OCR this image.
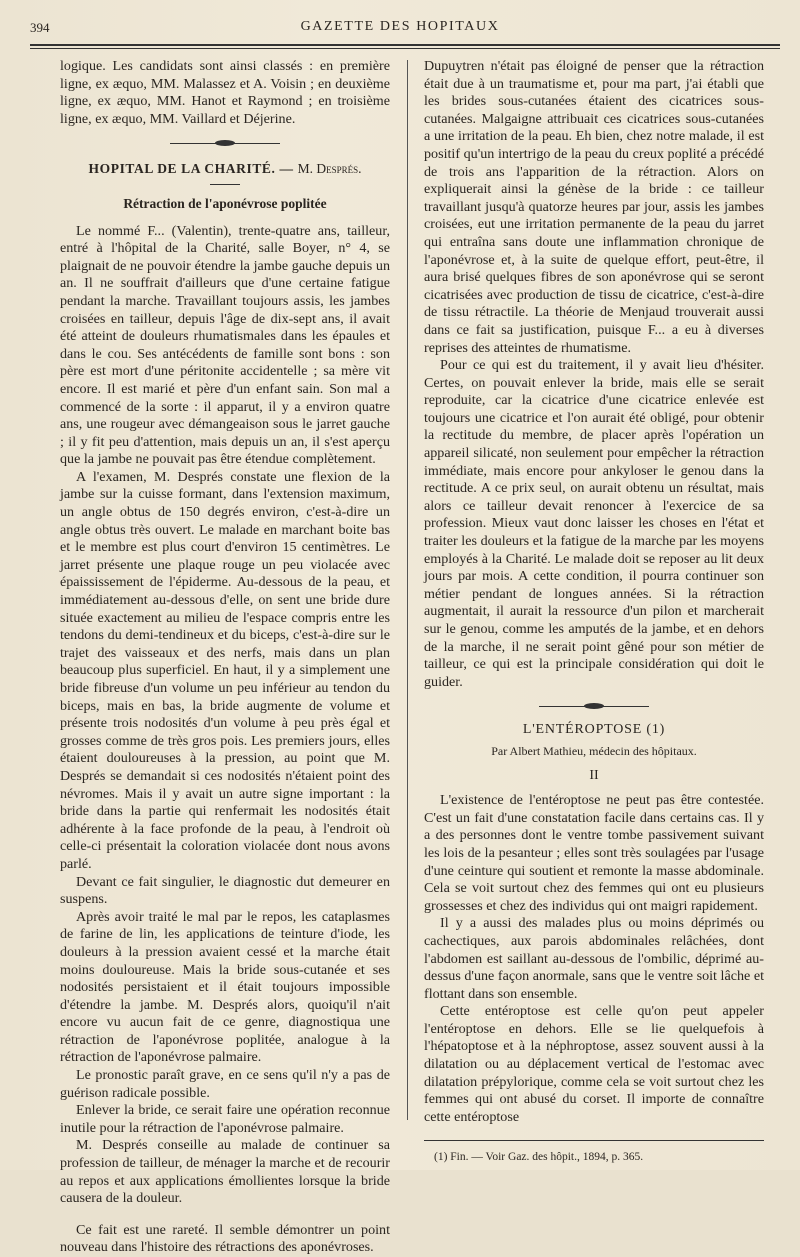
394	GAZETTE DES HOPITAUX

logique. Les candidats sont ainsi classés : en première ligne, ex æquo, MM. Malassez et A. Voisin ; en deuxième ligne, ex æquo, MM. Hanot et Raymond ; en troisième ligne, ex æquo, MM. Vaillard et Déjerine.

HOPITAL DE LA CHARITÉ. — M. Després.
Rétraction de l'aponévrose poplitée

Le nommé F... (Valentin), trente-quatre ans, tailleur, entré à l'hôpital de la Charité, salle Boyer, n° 4, se plaignait de ne pouvoir étendre la jambe gauche depuis un an. Il ne souffrait d'ailleurs que d'une certaine fatigue pendant la marche. Travaillant toujours assis, les jambes croisées en tailleur, depuis l'âge de dix-sept ans, il avait été atteint de douleurs rhumatismales dans les épaules et dans le cou. Ses antécédents de famille sont bons : son père est mort d'une péritonite accidentelle ; sa mère vit encore. Il est marié et père d'un enfant sain. Son mal a commencé de la sorte : il apparut, il y a environ quatre ans, une rougeur avec démangeaison sous le jarret gauche ; il y fit peu d'attention, mais depuis un an, il s'est aperçu que la jambe ne pouvait pas être étendue complètement.

A l'examen, M. Després constate une flexion de la jambe sur la cuisse formant, dans l'extension maximum, un angle obtus de 150 degrés environ, c'est-à-dire un angle obtus très ouvert. Le malade en marchant boite bas et le membre est plus court d'environ 15 centimètres. Le jarret présente une plaque rouge un peu violacée avec épaississement de l'épiderme. Au-dessous de la peau, et immédiatement au-dessous d'elle, on sent une bride dure située exactement au milieu de l'espace compris entre les tendons du demi-tendineux et du biceps, c'est-à-dire sur le trajet des vaisseaux et des nerfs, mais dans un plan beaucoup plus superficiel. En haut, il y a simplement une bride fibreuse d'un volume un peu inférieur au tendon du biceps, mais en bas, la bride augmente de volume et présente trois nodosités d'un volume à peu près égal et grosses comme de très gros pois. Les premiers jours, elles étaient douloureuses à la pression, au point que M. Després se demandait si ces nodosités n'étaient point des névromes. Mais il y avait un autre signe important : la bride dans la partie qui renfermait les nodosités était adhérente à la face profonde de la peau, à l'endroit où celle-ci présentait la coloration violacée dont nous avons parlé.

Devant ce fait singulier, le diagnostic dut demeurer en suspens.

Après avoir traité le mal par le repos, les cataplasmes de farine de lin, les applications de teinture d'iode, les douleurs à la pression avaient cessé et la marche était moins douloureuse. Mais la bride sous-cutanée et ses nodosités persistaient et il était toujours impossible d'étendre la jambe. M. Després alors, quoiqu'il n'ait encore vu aucun fait de ce genre, diagnostiqua une rétraction de l'aponévrose poplitée, analogue à la rétraction de l'aponévrose palmaire.

Le pronostic paraît grave, en ce sens qu'il n'y a pas de guérison radicale possible.

Enlever la bride, ce serait faire une opération reconnue inutile pour la rétraction de l'aponévrose palmaire.

M. Després conseille au malade de continuer sa profession de tailleur, de ménager la marche et de recourir au repos et aux applications émollientes lorsque la bride causera de la douleur.

Ce fait est une rareté. Il semble démontrer un point nouveau dans l'histoire des rétractions des aponévroses.

Dupuytren n'était pas éloigné de penser que la rétraction était due à un traumatisme et, pour ma part, j'ai établi que les brides sous-cutanées étaient des cicatrices sous-cutanées. Malgaigne attribuait ces cicatrices sous-cutanées a une irritation de la peau. Eh bien, chez notre malade, il est positif qu'un intertrigo de la peau du creux poplité a précédé de trois ans l'apparition de la rétraction. Alors on expliquerait ainsi la génèse de la bride : ce tailleur travaillant jusqu'à quatorze heures par jour, assis les jambes croisées, eut une irritation permanente de la peau du jarret qui entraîna sans doute une inflammation chronique de l'aponévrose et, à la suite de quelque effort, peut-être, il aura brisé quelques fibres de son aponévrose qui se seront cicatrisées avec production de tissu de cicatrice, c'est-à-dire de tissu rétractile. La théorie de Menjaud trouverait aussi dans ce fait sa justification, puisque F... a eu à diverses reprises des atteintes de rhumatisme.

Pour ce qui est du traitement, il y avait lieu d'hésiter. Certes, on pouvait enlever la bride, mais elle se serait reproduite, car la cicatrice d'une cicatrice enlevée est toujours une cicatrice et l'on aurait été obligé, pour obtenir la rectitude du membre, de placer après l'opération un appareil silicaté, non seulement pour empêcher la rétraction immédiate, mais encore pour ankyloser le genou dans la rectitude. A ce prix seul, on aurait obtenu un résultat, mais alors ce tailleur devait renoncer à l'exercice de sa profession. Mieux vaut donc laisser les choses en l'état et traiter les douleurs et la fatigue de la marche par les moyens employés à la Charité. Le malade doit se reposer au lit deux jours par mois. A cette condition, il pourra continuer son métier pendant de longues années. Si la rétraction augmentait, il aurait la ressource d'un pilon et marcherait sur le genou, comme les amputés de la jambe, et en dehors de la marche, il ne serait point gêné pour son métier de tailleur, ce qui est la principale considération qui doit le guider.

L'ENTÉROPTOSE (1)
Par Albert Mathieu, médecin des hôpitaux.
II

L'existence de l'entéroptose ne peut pas être contestée. C'est un fait d'une constatation facile dans certains cas. Il y a des personnes dont le ventre tombe passivement suivant les lois de la pesanteur ; elles sont très soulagées par l'usage d'une ceinture qui soutient et remonte la masse abdominale. Cela se voit surtout chez des femmes qui ont eu plusieurs grossesses et chez des individus qui ont maigri rapidement.

Il y a aussi des malades plus ou moins déprimés ou cachectiques, aux parois abdominales relâchées, dont l'abdomen est saillant au-dessous de l'ombilic, déprimé au-dessus d'une façon anormale, sans que le ventre soit lâche et flottant dans son ensemble.

Cette entéroptose est celle qu'on peut appeler l'entéroptose en dehors. Elle se lie quelquefois à l'hépatoptose et à la néphroptose, assez souvent aussi à la dilatation ou au déplacement vertical de l'estomac avec dilatation prépylorique, comme cela se voit surtout chez les femmes qui ont abusé du corset. Il importe de connaître cette entéroptose

(1) Fin. — Voir Gaz. des hôpit., 1894, p. 365.
